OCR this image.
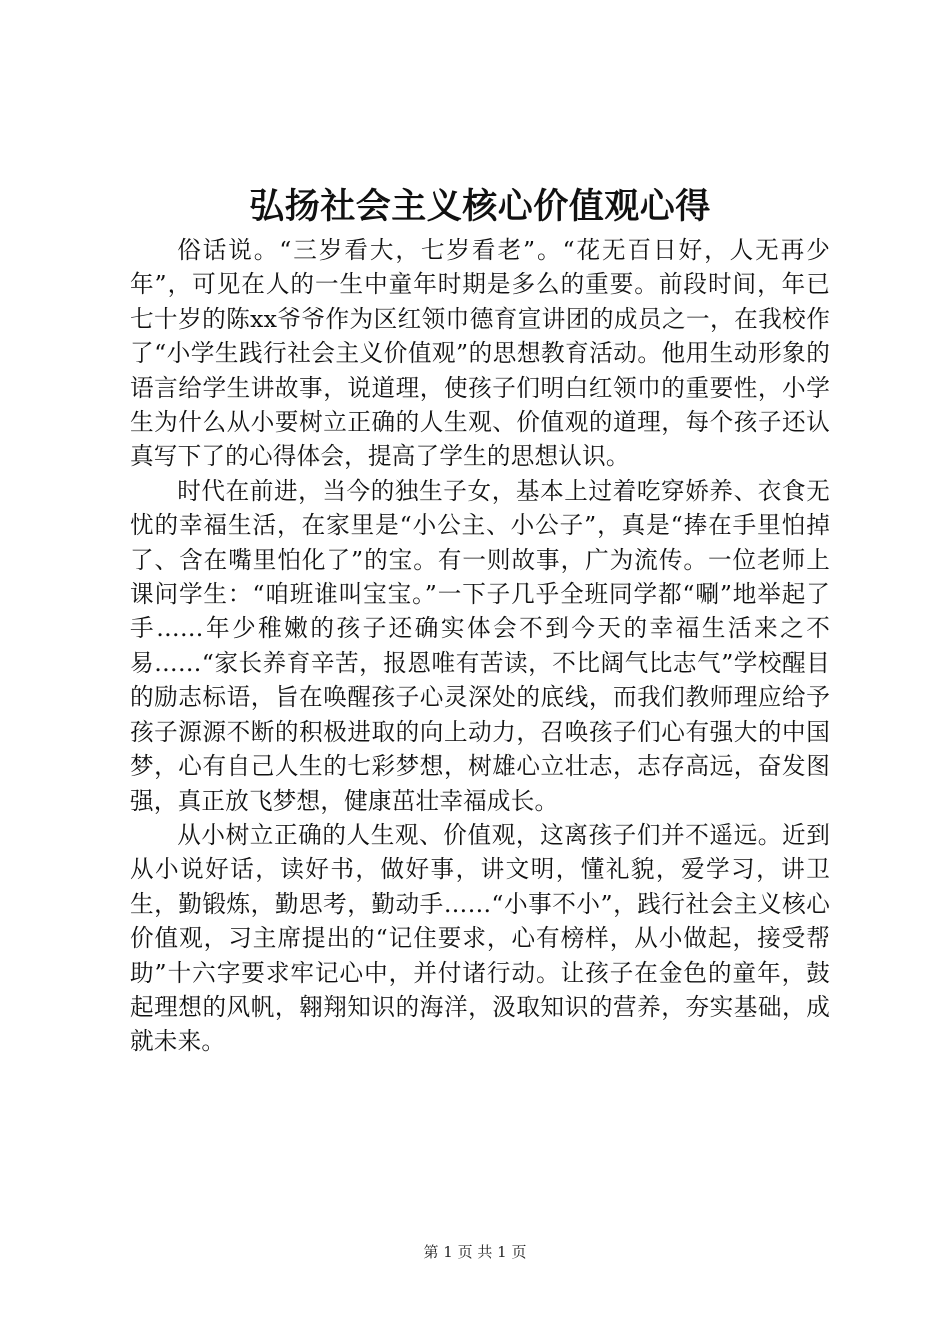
弘扬社会主义核心价值观心得

俗话说。“三岁看大，七岁看老”。“花无百日好，人无再少年”，可见在人的一生中童年时期是多么的重要。前段时间，年已七十岁的陈xx爷爷作为区红领巾德育宣讲团的成员之一，在我校作了“小学生践行社会主义价值观”的思想教育活动。他用生动形象的语言给学生讲故事，说道理，使孩子们明白红领巾的重要性，小学生为什么从小要树立正确的人生观、价值观的道理，每个孩子还认真写下了的心得体会，提高了学生的思想认识。

时代在前进，当今的独生子女，基本上过着吃穿娇养、衣食无忧的幸福生活，在家里是“小公主、小公子”，真是“捧在手里怕掉了、含在嘴里怕化了”的宝。有一则故事，广为流传。一位老师上课问学生：“咱班谁叫宝宝。”一下子几乎全班同学都“唰”地举起了手……年少稚嫩的孩子还确实体会不到今天的幸福生活来之不易……“家长养育辛苦，报恩唯有苦读，不比阔气比志气”学校醒目的励志标语，旨在唤醒孩子心灵深处的底线，而我们教师理应给予孩子源源不断的积极进取的向上动力，召唤孩子们心有强大的中国梦，心有自己人生的七彩梦想，树雄心立壮志，志存高远，奋发图强，真正放飞梦想，健康茁壮幸福成长。

从小树立正确的人生观、价值观，这离孩子们并不遥远。近到从小说好话，读好书，做好事，讲文明，懂礼貌，爱学习，讲卫生，勤锻炼，勤思考，勤动手……“小事不小”，践行社会主义核心价值观，习主席提出的“记住要求，心有榜样，从小做起，接受帮助”十六字要求牢记心中，并付诸行动。让孩子在金色的童年，鼓起理想的风帆，翱翔知识的海洋，汲取知识的营养，夯实基础，成就未来。

第 1 页 共 1 页
